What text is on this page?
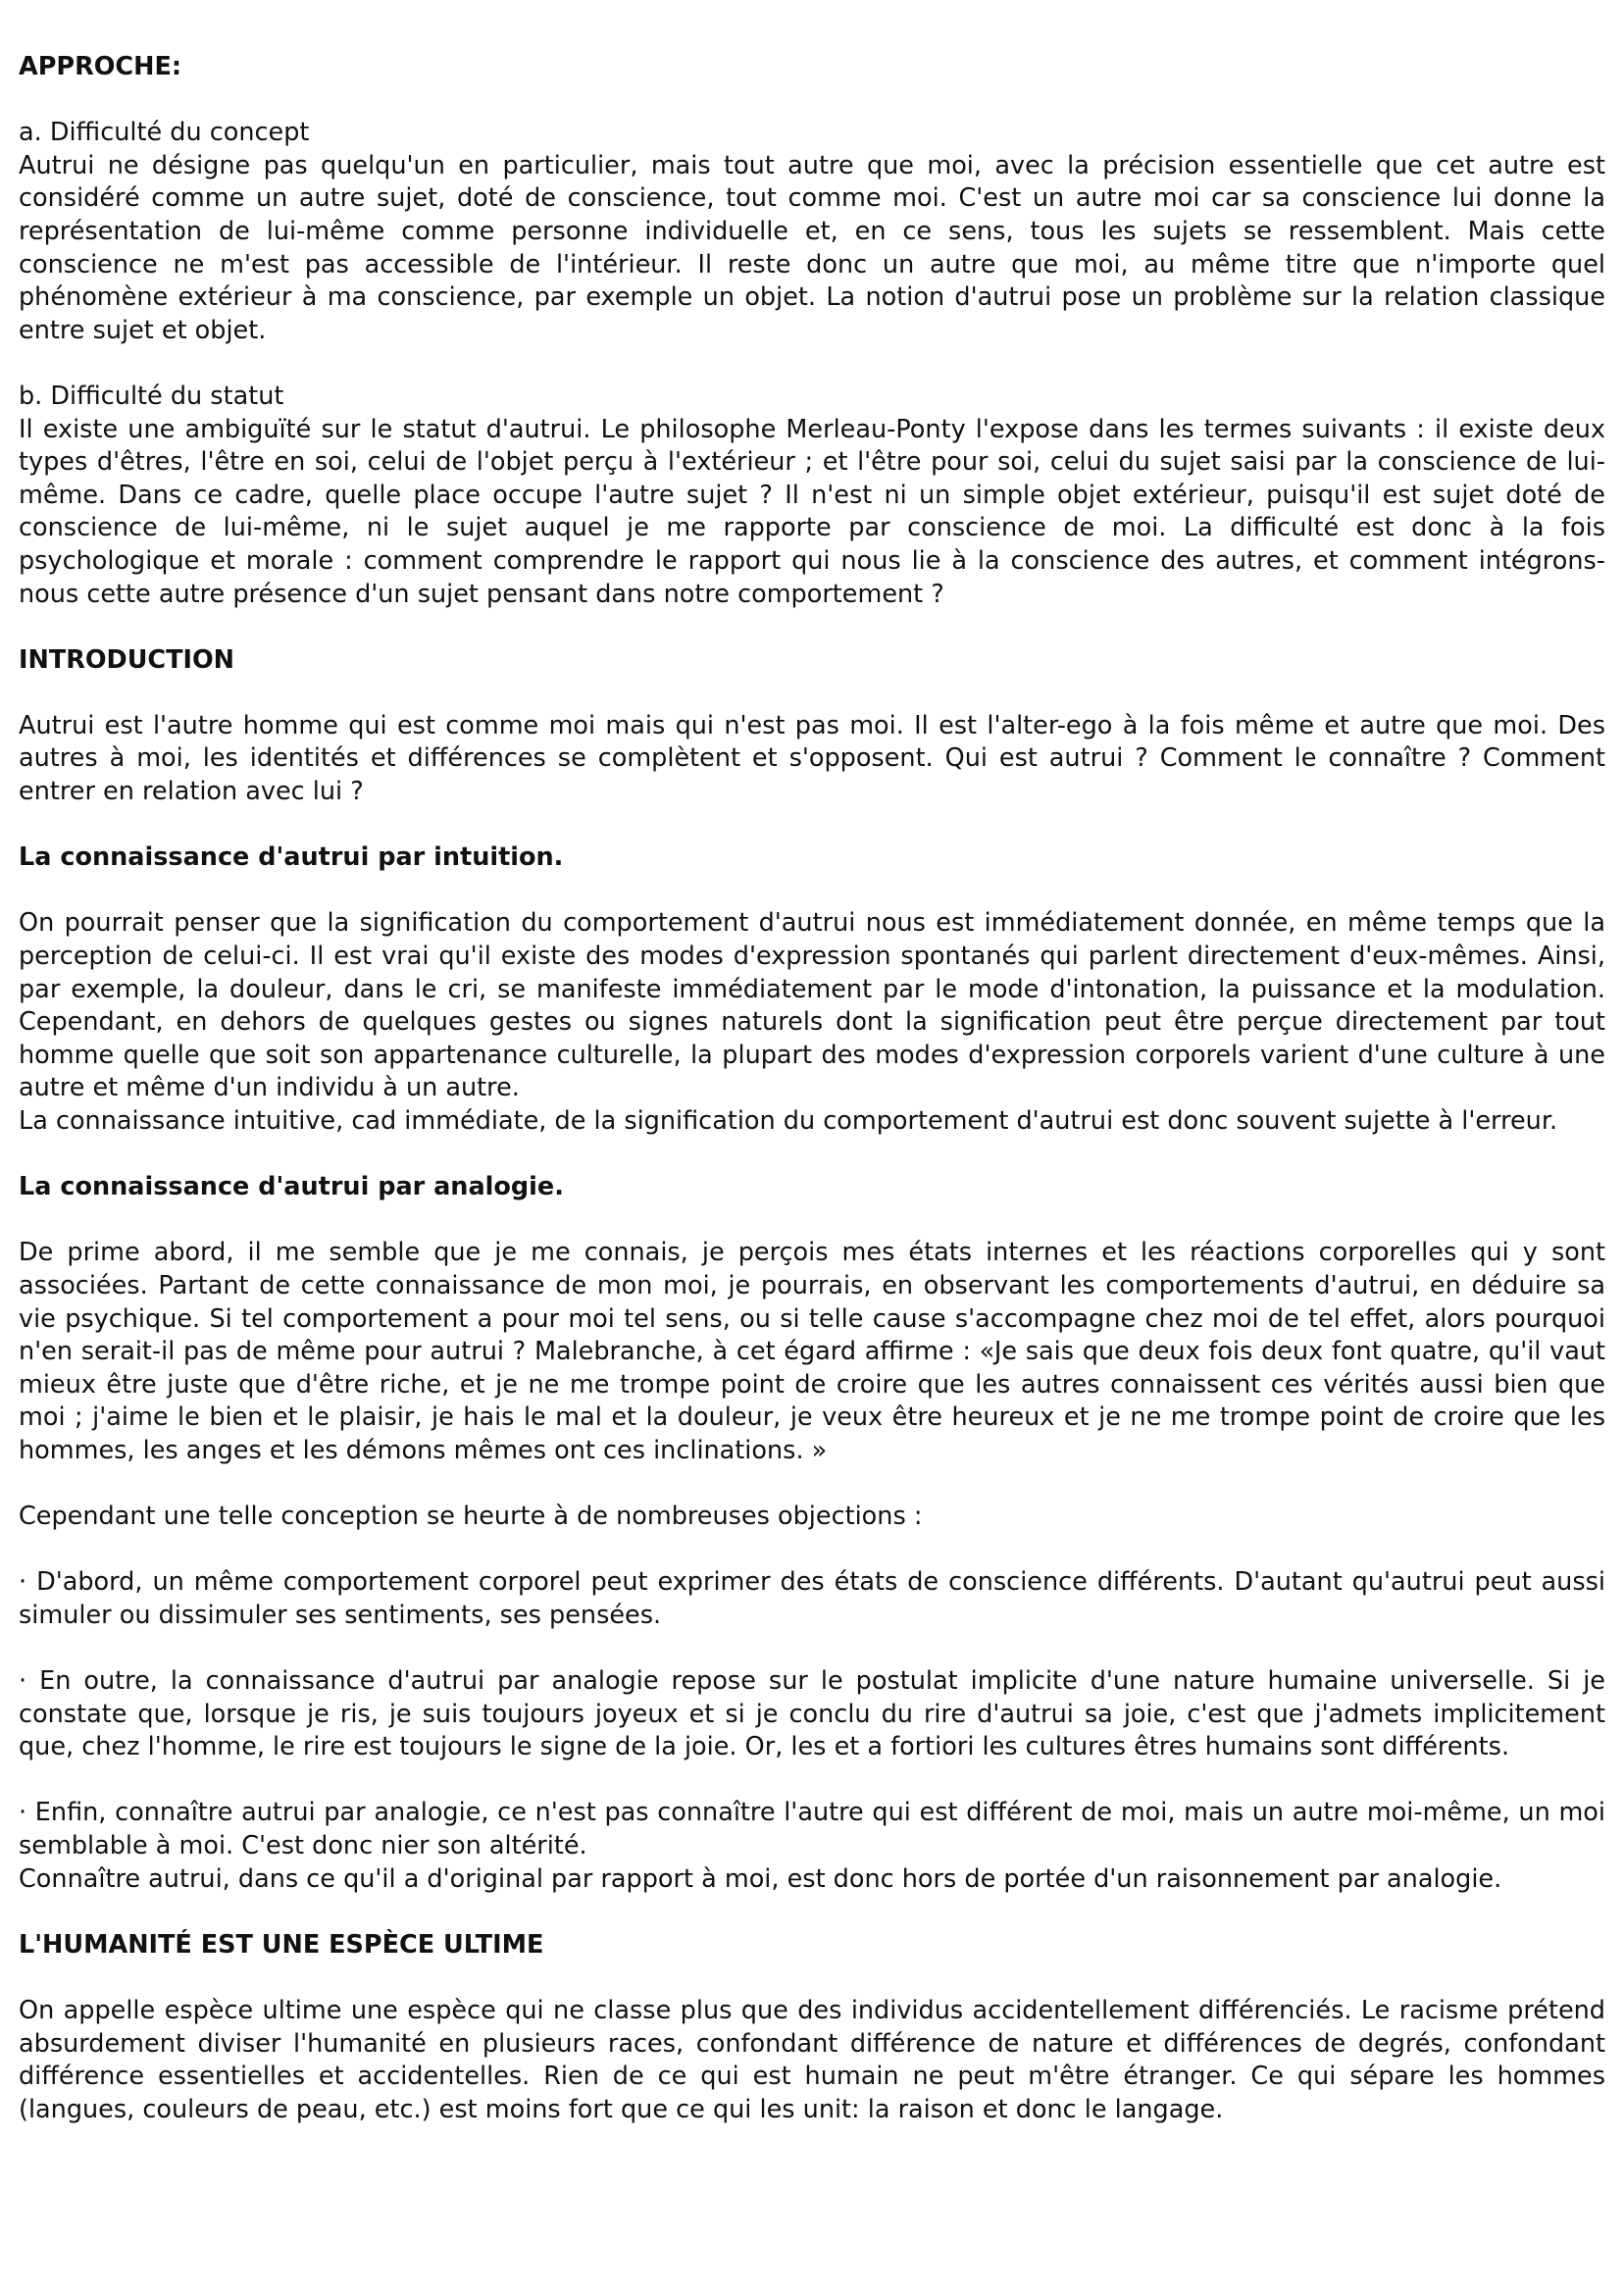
APPROCHE:
a. Difficulté du concept

Autrui ne désigne pas quelqu'un en particulier, mais tout autre que moi, avec la précision essentielle que cet autre est considéré comme un autre sujet, doté de conscience, tout comme moi. C'est un autre moi car sa conscience lui donne la représentation de lui-même comme personne individuelle et, en ce sens, tous les sujets se ressemblent. Mais cette conscience ne m'est pas accessible de l'intérieur. Il reste donc un autre que moi, au même titre que n'importe quel phénomène extérieur à ma conscience, par exemple un objet. La notion d'autrui pose un problème sur la relation classique entre sujet et objet.

b. Difficulté du statut

Il existe une ambiguïté sur le statut d'autrui. Le philosophe Merleau-Ponty l'expose dans les termes suivants : il existe deux types d'êtres, l'être en soi, celui de l'objet perçu à l'extérieur ; et l'être pour soi, celui du sujet saisi par la conscience de lui-même. Dans ce cadre, quelle place occupe l'autre sujet ? Il n'est ni un simple objet extérieur, puisqu'il est sujet doté de conscience de lui-même, ni le sujet auquel je me rapporte par conscience de moi. La difficulté est donc à la fois psychologique et morale : comment comprendre le rapport qui nous lie à la conscience des autres, et comment intégrons-nous cette autre présence d'un sujet pensant dans notre comportement ?

INTRODUCTION

Autrui est l'autre homme qui est comme moi mais qui n'est pas moi. Il est l'alter-ego à la fois même et autre que moi. Des autres à moi, les identités et différences se complètent et s'opposent. Qui est autrui ? Comment le connaître ? Comment entrer en relation avec lui ?

La connaissance d'autrui par intuition.

On pourrait penser que la signification du comportement d'autrui nous est immédiatement donnée, en même temps que la perception de celui-ci. Il est vrai qu'il existe des modes d'expression spontanés qui parlent directement d'eux-mêmes. Ainsi, par exemple, la douleur, dans le cri, se manifeste immédiatement par le mode d'intonation, la puissance et la modulation. Cependant, en dehors de quelques gestes ou signes naturels dont la signification peut être perçue directement par tout homme quelle que soit son appartenance culturelle, la plupart des modes d'expression corporels varient d'une culture à une autre et même d'un individu à un autre.

La connaissance intuitive, cad immédiate, de la signification du comportement d'autrui est donc souvent sujette à l'erreur.

La connaissance d'autrui par analogie.

De prime abord, il me semble que je me connais, je perçois mes états internes et les réactions corporelles qui y sont associées. Partant de cette connaissance de mon moi, je pourrais, en observant les comportements d'autrui, en déduire sa vie psychique. Si tel comportement a pour moi tel sens, ou si telle cause s'accompagne chez moi de tel effet, alors pourquoi n'en serait-il pas de même pour autrui ? Malebranche, à cet égard affirme : «Je sais que deux fois deux font quatre, qu'il vaut mieux être juste que d'être riche, et je ne me trompe point de croire que les autres connaissent ces vérités aussi bien que moi ; j'aime le bien et le plaisir, je hais le mal et la douleur, je veux être heureux et je ne me trompe point de croire que les hommes, les anges et les démons mêmes ont ces inclinations. »

Cependant une telle conception se heurte à de nombreuses objections :

· D'abord, un même comportement corporel peut exprimer des états de conscience différents. D'autant qu'autrui peut aussi simuler ou dissimuler ses sentiments, ses pensées.

· En outre, la connaissance d'autrui par analogie repose sur le postulat implicite d'une nature humaine universelle. Si je constate que, lorsque je ris, je suis toujours joyeux et si je conclu du rire d'autrui sa joie, c'est que j'admets implicitement que, chez l'homme, le rire est toujours le signe de la joie. Or, les et a fortiori les cultures êtres humains sont différents.

· Enfin, connaître autrui par analogie, ce n'est pas connaître l'autre qui est différent de moi, mais un autre moi-même, un moi semblable à moi. C'est donc nier son altérité.

Connaître autrui, dans ce qu'il a d'original par rapport à moi, est donc hors de portée d'un raisonnement par analogie.

L'HUMANITÉ EST UNE ESPÈCE ULTIME

On appelle espèce ultime une espèce qui ne classe plus que des individus accidentellement différenciés. Le racisme prétend absurdement diviser l'humanité en plusieurs races, confondant différence de nature et différences de degrés, confondant différence essentielles et accidentelles. Rien de ce qui est humain ne peut m'être étranger. Ce qui sépare les hommes (langues, couleurs de peau, etc.) est moins fort que ce qui les unit: la raison et donc le langage.
